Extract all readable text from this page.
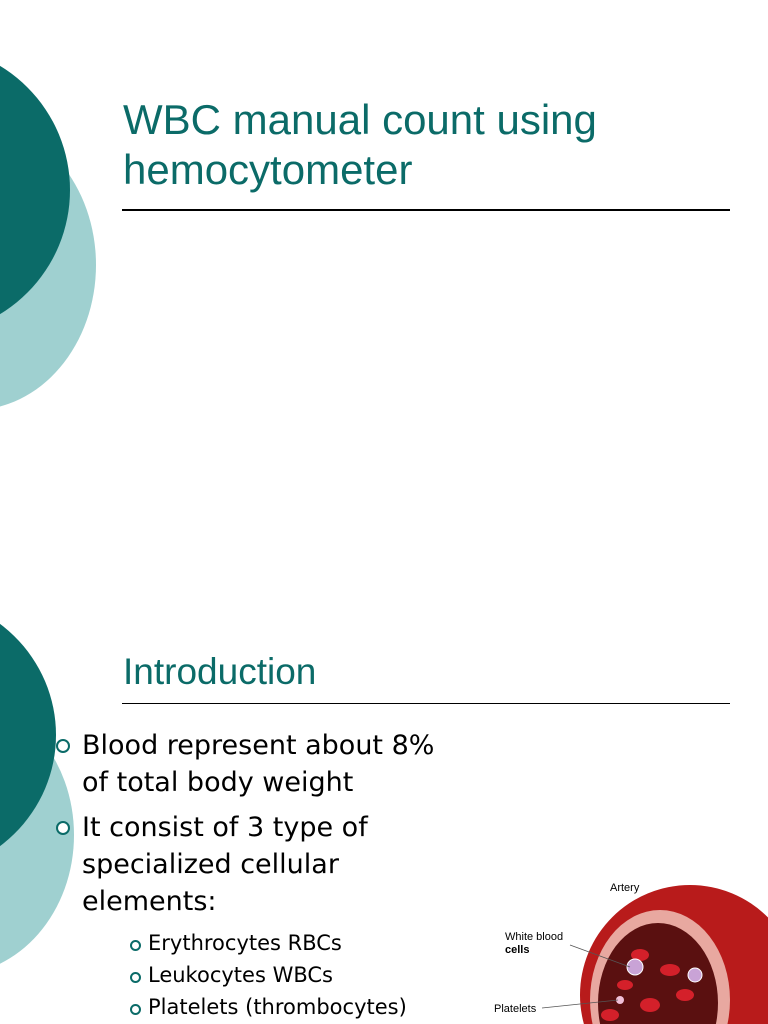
WBC manual count using
hemocytometer
Introduction
Blood represent about 8%
of total body weight
It consist of 3 type of
specialized cellular
elements:
Erythrocytes RBCs
Leukocytes WBCs
Platelets (thrombocytes)
Artery
White blood
cells
Platelets
